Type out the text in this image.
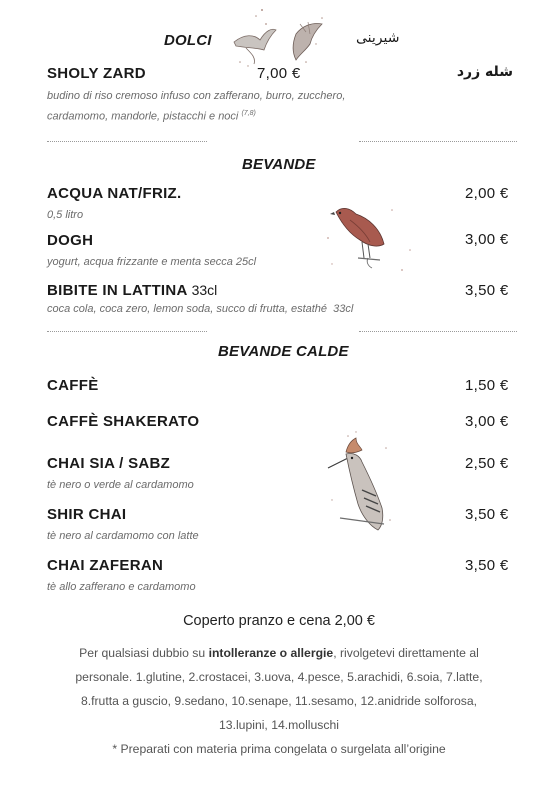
DOLCI	شیرینی
SHOLY ZARD	7,00 €	شله زرد
budino di riso cremoso infuso con zafferano, burro, zucchero,
cardamomo, mandorle, pistacchi e noci $^{(7,8)}$
BEVANDE
ACQUA NAT/FRIZ.	2,00 €
0,5 litro
DOGH	3,00 €
yogurt, acqua frizzante e menta secca 25cl
BIBITE IN LATTINA 33cl	3,50 €
coca cola, coca zero, lemon soda, succo di frutta, estathé  33cl
BEVANDE CALDE
CAFFÈ	1,50 €
CAFFÈ SHAKERATO	3,00 €
CHAI SIA / SABZ	2,50 €
tè nero o verde al cardamomo
SHIR CHAI	3,50 €
tè nero al cardamomo con latte
CHAI ZAFERAN	3,50 €
tè allo zafferano e cardamomo
Coperto pranzo e cena 2,00 €
Per qualsiasi dubbio su intolleranze o allergie, rivolgetevi direttamente al
personale. 1.glutine, 2.crostacei, 3.uova, 4.pesce, 5.arachidi, 6.soia, 7.latte,
8.frutta a guscio, 9.sedano, 10.senape, 11.sesamo, 12.anidride solforosa,
13.lupini, 14.molluschi
* Preparati con materia prima congelata o surgelata all’origine
